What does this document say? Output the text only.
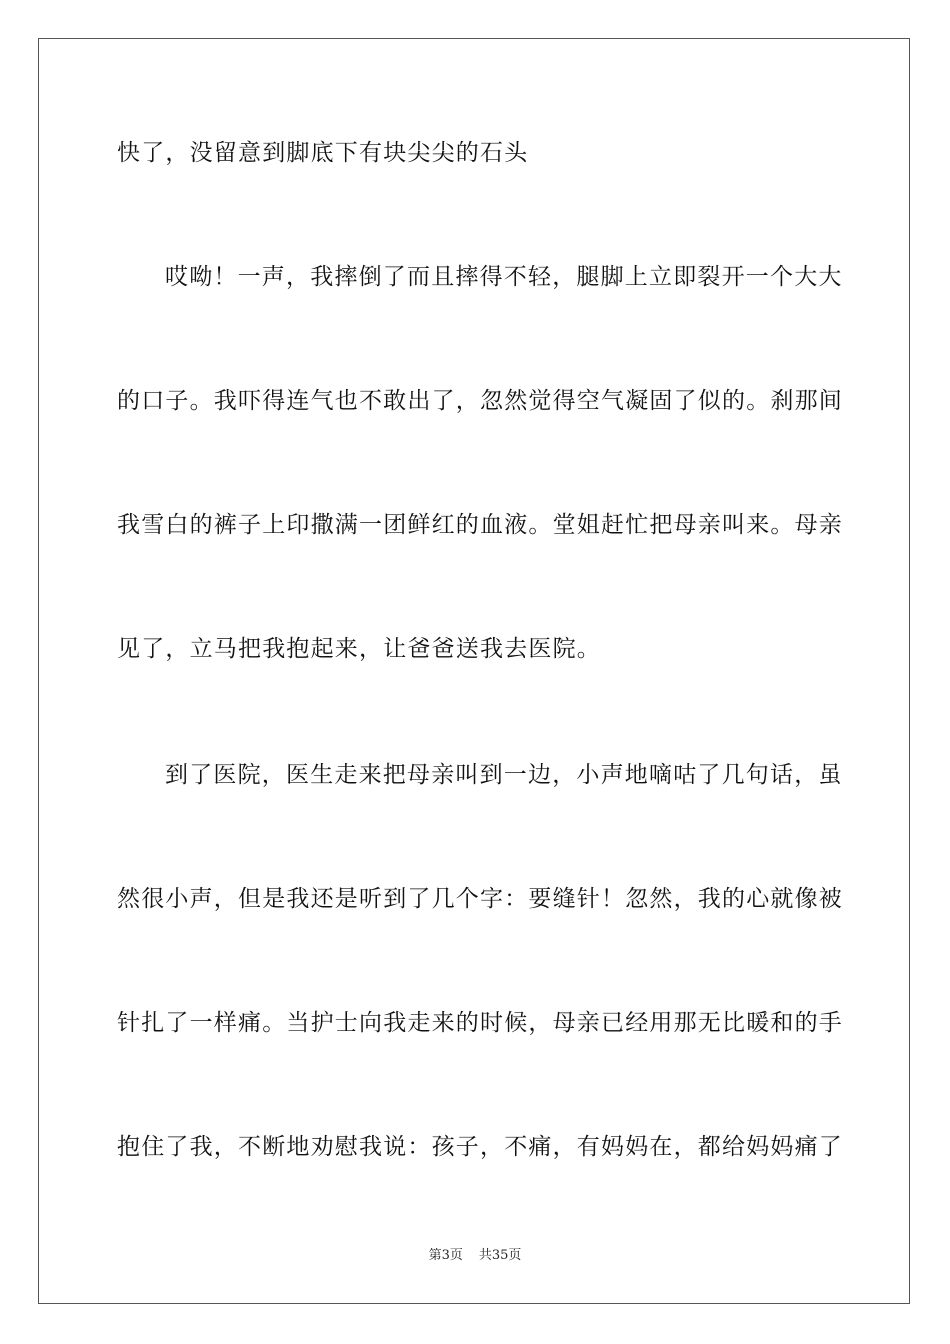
快了，没留意到脚底下有块尖尖的石头
哎呦！一声，我摔倒了而且摔得不轻，腿脚上立即裂开一个大大
的口子。我吓得连气也不敢出了，忽然觉得空气凝固了似的。刹那间
我雪白的裤子上印撒满一团鲜红的血液。堂姐赶忙把母亲叫来。母亲
见了，立马把我抱起来，让爸爸送我去医院。
到了医院，医生走来把母亲叫到一边，小声地嘀咕了几句话，虽
然很小声，但是我还是听到了几个字：要缝针！忽然，我的心就像被
针扎了一样痛。当护士向我走来的时候，母亲已经用那无比暖和的手
抱住了我，不断地劝慰我说：孩子，不痛，有妈妈在，都给妈妈痛了
第3页 共35页
